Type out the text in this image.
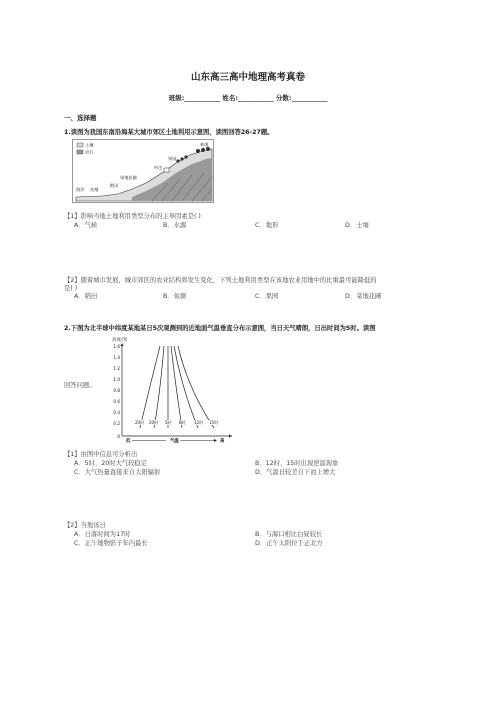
山东高三高中地理高考真卷
班级:___________ 姓名:___________ 分数:___________
一、选择题
1.读图为我国东南沿海某大城市郊区土地利用示意图，读图回答26-27题。
土壤
岩石
林地
果园
村庄
果地花圃
稻田
鱼塘
海岸
【1】影响当地土地利用类型分布的主导因素是( )
A．气候	B．水源	C．地形	D．土壤
【2】随着城市发展，城市郊区的农业结构将发生变化，下列土地利用类型在该地农业用地中的比重最可能降低的
是( )
A．稻田	B．鱼塘	C．果园	D．菜地花圃
2.下图为北半球中纬度某地某日5次观测到的近地面气温垂直分布示意图，当日天气晴朗，日出时间为5时。读图
回答问题。
高度/米
1.6
1.4
1.2
1.0
0.8
0.6
0.4
0.2
0
20时 20时 5时 8时 12时 15时
低	气温	高
【1】由图中信息可分析出
A．5时、20时大气较稳定	B．12时、15时出现逆温现象
C．大气热量直接来自太阳辐射	D．气温日较差自下而上增大
【2】当地该日
A．日落时间为17时	B．与海口相比白昼较长
C．正午地物影子年内最长	D．正午太阳位于正北方
